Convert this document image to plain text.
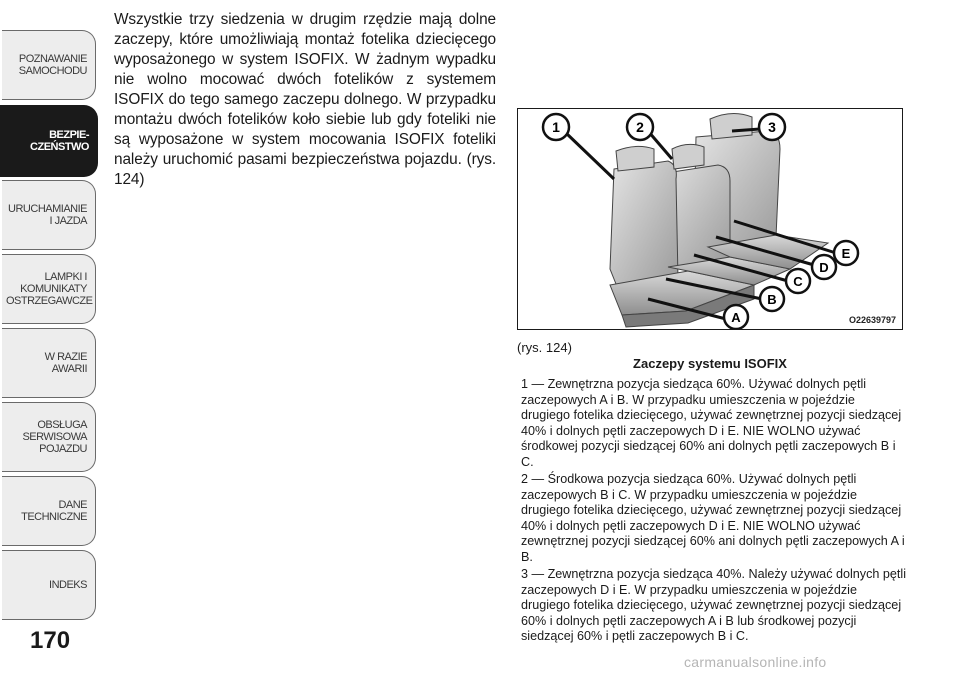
POZNAWANIE
SAMOCHODU
BEZPIE-
CZEŃSTWO
URUCHAMIANIE
I JAZDA
LAMPKI I
KOMUNIKATY
OSTRZEGAWCZE
W RAZIE
AWARII
OBSŁUGA
SERWISOWA
POJAZDU
DANE
TECHNICZNE
INDEKS
170

Wszystkie trzy siedzenia w drugim rzędzie mają dolne zaczepy, które umożliwiają montaż fotelika dziecięcego wyposażonego w system ISOFIX. W żadnym wypadku nie wolno mocować dwóch fotelików z systemem ISOFIX do tego samego zaczepu dolnego. W przypadku montażu dwóch fotelików koło siebie lub gdy foteliki nie są wyposażone w system mocowania ISOFIX foteliki należy uruchomić pasami bezpieczeństwa pojazdu. (rys. 124)

1	2	3
A
B
C
D
E
O22639797
(rys. 124)
Zaczepy systemu ISOFIX

1 — Zewnętrzna pozycja siedząca 60%. Używać dolnych pętli zaczepowych A i B. W przypadku umieszczenia w pojeździe drugiego fotelika dziecięcego, używać zewnętrznej pozycji siedzącej 40% i dolnych pętli zaczepowych D i E. NIE WOLNO używać środkowej pozycji siedzącej 60% ani dolnych pętli zaczepowych B i C.

2 — Środkowa pozycja siedząca 60%. Używać dolnych pętli zaczepowych B i C. W przypadku umieszczenia w pojeździe drugiego fotelika dziecięcego, używać zewnętrznej pozycji siedzącej 40% i dolnych pętli zaczepowych D i E. NIE WOLNO używać zewnętrznej pozycji siedzącej 60% ani dolnych pętli zaczepowych A i B.

3 — Zewnętrzna pozycja siedząca 40%. Należy używać dolnych pętli zaczepowych D i E. W przypadku umieszczenia w pojeździe drugiego fotelika dziecięcego, używać zewnętrznej pozycji siedzącej 60% i dolnych pętli zaczepowych A i B lub środkowej pozycji siedzącej 60% i pętli zaczepowych B i C.

carmanualsonline.info
